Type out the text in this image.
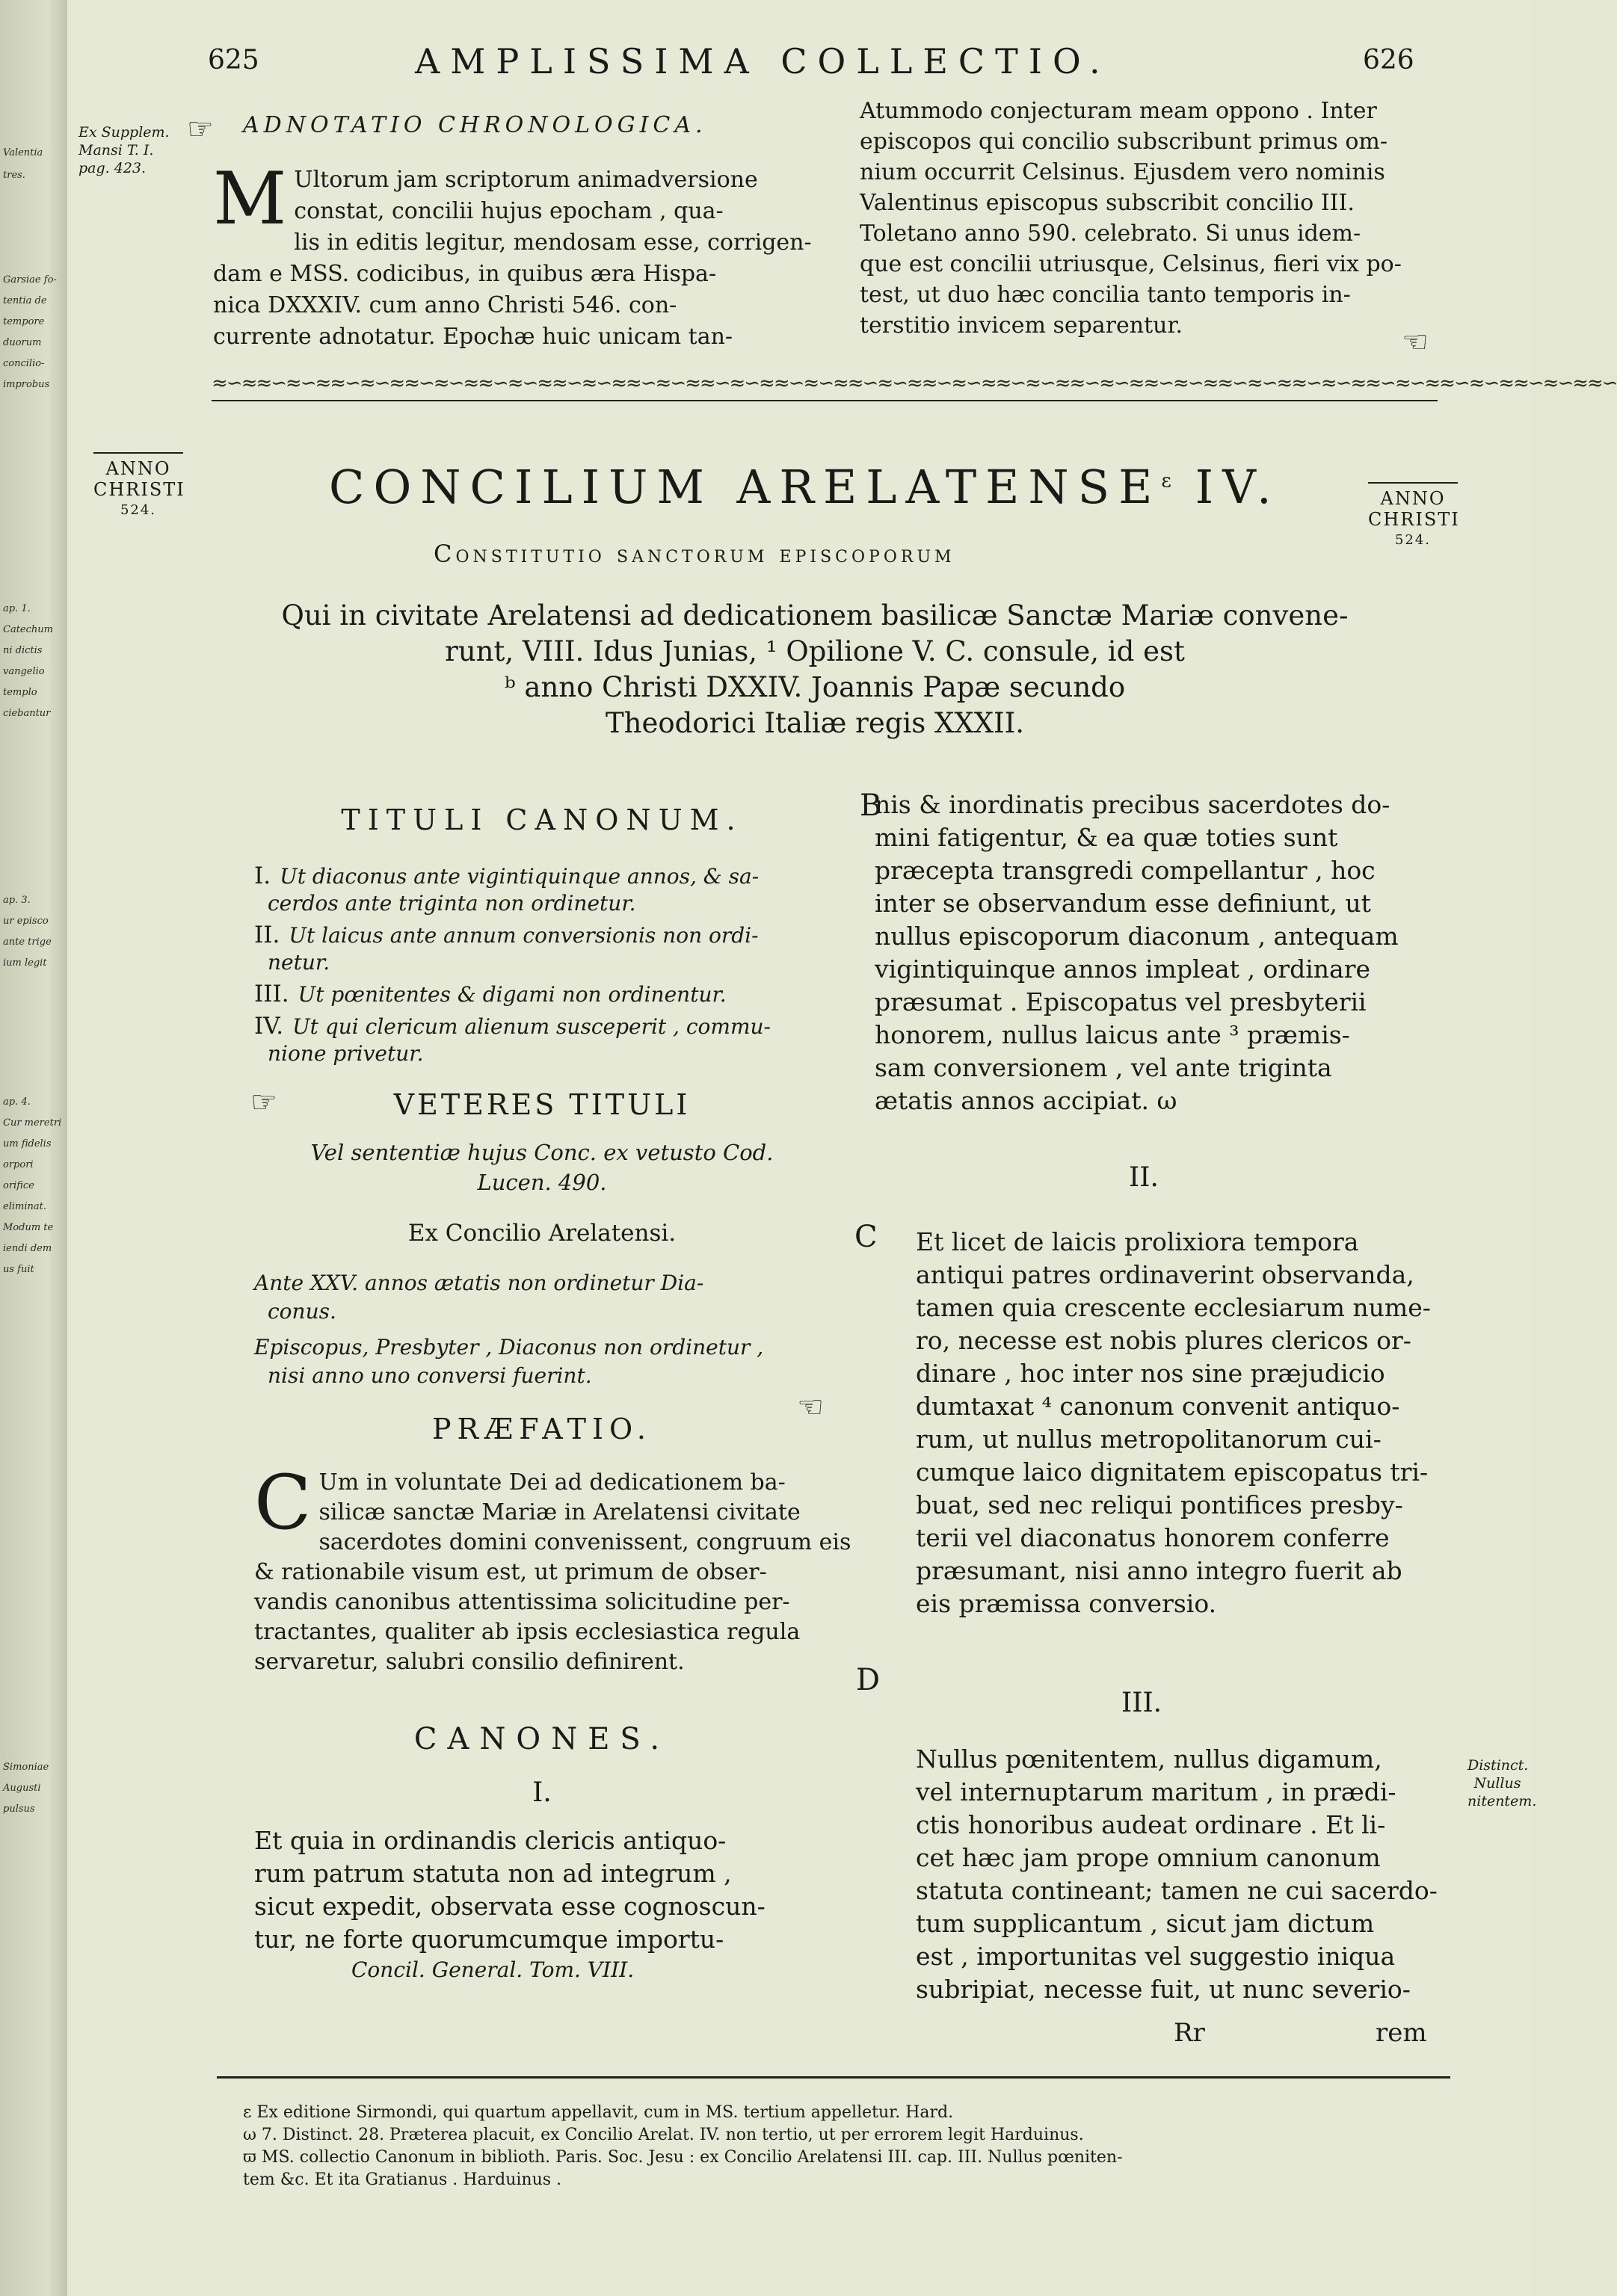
Valentia
tres.
Garsiae fo-
tentia de
tempore
duorum
concilio-
improbus
ap. 1.
Catechum
ni dictis
vangelio
templo
ciebantur
ap. 3.
ur episco
ante trige
ium legit
ap. 4.
Cur meretri
um fidelis
orpori
orifice
eliminat.
Modum te
iendi dem
us fuit
Simoniae
Augusti
pulsus
625	AMPLISSIMA COLLECTIO.	626
Ex Supplem.
Mansi T. I.
pag. 423.
☞ ADNOTATIO CHRONOLOGICA.
M Ultorum jam scriptorum animadversione
constat, concilii hujus epocham , qua-
lis in editis legitur, mendosam esse, corrigen-
dam e MSS. codicibus, in quibus æra Hispa-
nica DXXXIV. cum anno Christi 546. con-
currente adnotatur. Epochæ huic unicam tan-
Atummodo conjecturam meam oppono . Inter
episcopos qui concilio subscribunt primus om-
nium occurrit Celsinus. Ejusdem vero nominis
Valentinus episcopus subscribit concilio III.
Toletano anno 590. celebrato. Si unus idem-
que est concilii utriusque, Celsinus, fieri vix po-
test, ut duo hæc concilia tanto temporis in-
terstitio invicem separentur.	☜
≈∽≈≈∽≈∽≈≈∽≈∽≈≈∽≈∽≈≈∽≈∽≈≈∽≈∽≈≈∽≈∽≈≈∽≈∽≈≈∽≈∽≈≈∽≈∽≈≈∽≈∽≈≈∽≈∽≈≈∽≈∽≈≈∽≈∽≈≈∽≈∽≈≈∽≈∽≈≈∽≈∽≈≈∽≈∽≈≈∽≈∽≈≈∽
ANNO
CHRISTI
524.
ANNO
CHRISTI
524.
CONCILIUM $ARELATENSE^\varepsilon$ IV.
Constitutio sanctorum episcoporum
Qui in civitate Arelatensi ad dedicationem basilicæ Sanctæ Mariæ convene-
runt, VIII. Idus Junias, ¹ Opilione V. C. consule, id est
ᵇ anno Christi DXXIV. Joannis Papæ secundo
Theodorici Italiæ regis XXXII.
TITULI CANONUM.
I. Ut diaconus ante vigintiquinque annos, & sa-
cerdos ante triginta non ordinetur.
II. Ut laicus ante annum conversionis non ordi-
netur.
III. Ut pœnitentes & digami non ordinentur.
IV. Ut qui clericum alienum susceperit , commu-
nione privetur.
☞	VETERES TITULI
Vel sententiæ hujus Conc. ex vetusto Cod.
Lucen. 490.
Ex Concilio Arelatensi.
Ante XXV. annos ætatis non ordinetur Dia-
conus.
Episcopus, Presbyter , Diaconus non ordinetur ,
nisi anno uno conversi fuerint.
PRÆFATIO.
☜
C Um in voluntate Dei ad dedicationem ba-
silicæ sanctæ Mariæ in Arelatensi civitate
sacerdotes domini convenissent, congruum eis
& rationabile visum est, ut primum de obser-
vandis canonibus attentissima solicitudine per-
tractantes, qualiter ab ipsis ecclesiastica regula
servaretur, salubri consilio definirent.
CANONES.
I.
Et quia in ordinandis clericis antiquo-
rum patrum statuta non ad integrum ,
sicut expedit, observata esse cognoscun-
tur, ne forte quorumcumque importu-
Concil. General. Tom. VIII.
B
nis & inordinatis precibus sacerdotes do-
mini fatigentur, & ea quæ toties sunt
præcepta transgredi compellantur , hoc
inter se observandum esse definiunt, ut
nullus episcoporum diaconum , antequam
vigintiquinque annos impleat , ordinare
præsumat . Episcopatus vel presbyterii
honorem, nullus laicus ante ³ præmis-
sam conversionem , vel ante triginta
ætatis annos accipiat. ω
II.
C	Et licet de laicis prolixiora tempora
antiqui patres ordinaverint observanda,
tamen quia crescente ecclesiarum nume-
ro, necesse est nobis plures clericos or-
dinare , hoc inter nos sine præjudicio
dumtaxat ⁴ canonum convenit antiquo-
rum, ut nullus metropolitanorum cui-
cumque laico dignitatem episcopatus tri-
buat, sed nec reliqui pontifices presby-
terii vel diaconatus honorem conferre
præsumant, nisi anno integro fuerit ab
eis præmissa conversio.
D
III.
Nullus pœnitentem, nullus digamum,
vel internuptarum maritum , in prædi-
ctis honoribus audeat ordinare . Et li-
cet hæc jam prope omnium canonum
statuta contineant; tamen ne cui sacerdo-
tum supplicantum , sicut jam dictum
est , importunitas vel suggestio iniqua
subripiat, necesse fuit, ut nunc severio-
Rr	rem
Distinct.
Nullus
nitentem.
ε Ex editione Sirmondi, qui quartum appellavit, cum in MS. tertium appelletur. Hard.
ω 7. Distinct. 28. Præterea placuit, ex Concilio Arelat. IV. non tertio, ut per errorem legit Harduinus.
ϖ MS. collectio Canonum in biblioth. Paris. Soc. Jesu : ex Concilio Arelatensi III. cap. III. Nullus pœniten-
tem &c. Et ita Gratianus . Harduinus .
